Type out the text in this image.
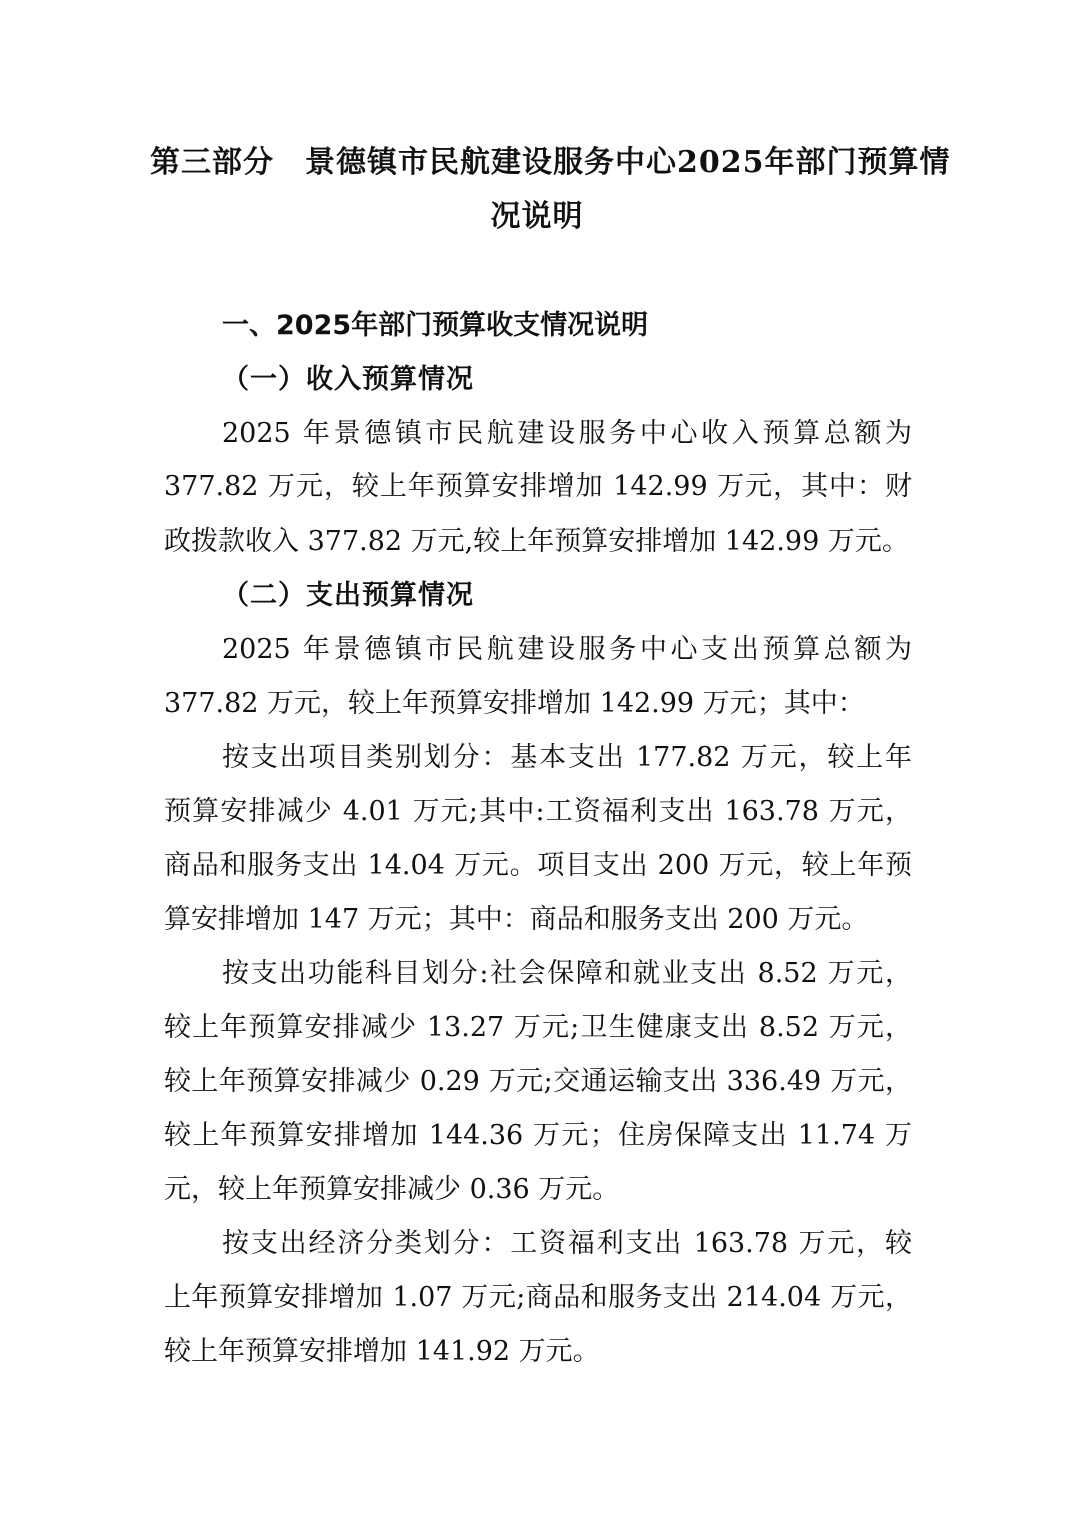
第三部分　景德镇市民航建设服务中心2025年部门预算情
况说明
一、2025年部门预算收支情况说明
（一）收入预算情况
2025 年景德镇市民航建设服务中心收入预算总额为
377.82 万元，较上年预算安排增加 142.99 万元，其中：财
政拨款收入 377.82 万元,较上年预算安排增加 142.99 万元。
（二）支出预算情况
2025 年景德镇市民航建设服务中心支出预算总额为
377.82 万元，较上年预算安排增加 142.99 万元；其中：
按支出项目类别划分：基本支出 177.82 万元，较上年
预算安排减少 4.01 万元;其中:工资福利支出 163.78 万元，
商品和服务支出 14.04 万元。项目支出 200 万元，较上年预
算安排增加 147 万元；其中：商品和服务支出 200 万元。
按支出功能科目划分:社会保障和就业支出 8.52 万元，
较上年预算安排减少 13.27 万元;卫生健康支出 8.52 万元，
较上年预算安排减少 0.29 万元;交通运输支出 336.49 万元，
较上年预算安排增加 144.36 万元；住房保障支出 11.74 万
元，较上年预算安排减少 0.36 万元。
按支出经济分类划分：工资福利支出 163.78 万元，较
上年预算安排增加 1.07 万元;商品和服务支出 214.04 万元，
较上年预算安排增加 141.92 万元。
